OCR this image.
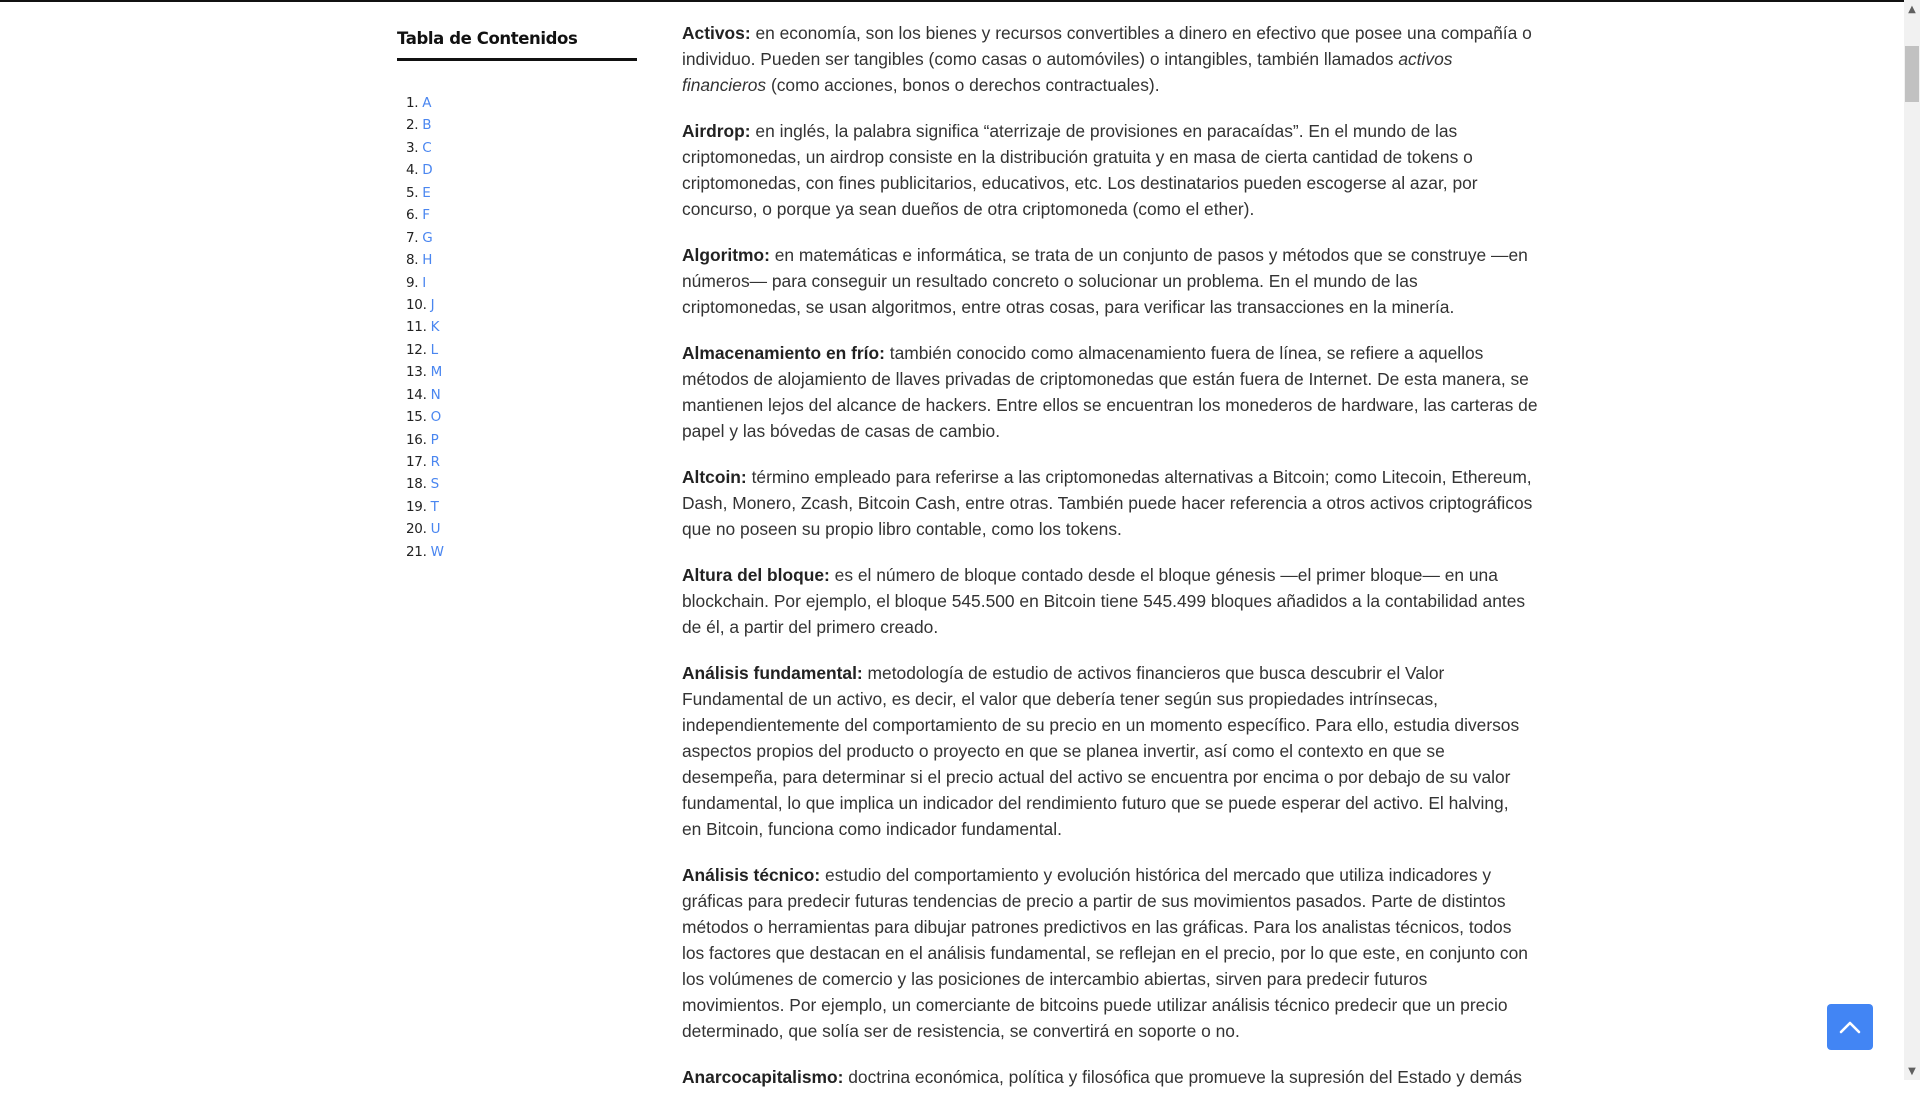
Tabla de Contenidos
1. A
2. B
3. C
4. D
5. E
6. F
7. G
8. H
9. I
10. J
11. K
12. L
13. M
14. N
15. O
16. P
17. R
18. S
19. T
20. U
21. W

Activos: en economía, son los bienes y recursos convertibles a dinero en efectivo que posee una compañía o
individuo. Pueden ser tangibles (como casas o automóviles) o intangibles, también llamados activos
financieros (como acciones, bonos o derechos contractuales).

Airdrop: en inglés, la palabra significa “aterrizaje de provisiones en paracaídas”. En el mundo de las
criptomonedas, un airdrop consiste en la distribución gratuita y en masa de cierta cantidad de tokens o
criptomonedas, con fines publicitarios, educativos, etc. Los destinatarios pueden escogerse al azar, por
concurso, o porque ya sean dueños de otra criptomoneda (como el ether).

Algoritmo: en matemáticas e informática, se trata de un conjunto de pasos y métodos que se construye —en
números— para conseguir un resultado concreto o solucionar un problema. En el mundo de las
criptomonedas, se usan algoritmos, entre otras cosas, para verificar las transacciones en la minería.

Almacenamiento en frío: también conocido como almacenamiento fuera de línea, se refiere a aquellos
métodos de alojamiento de llaves privadas de criptomonedas que están fuera de Internet. De esta manera, se
mantienen lejos del alcance de hackers. Entre ellos se encuentran los monederos de hardware, las carteras de
papel y las bóvedas de casas de cambio.

Altcoin: término empleado para referirse a las criptomonedas alternativas a Bitcoin; como Litecoin, Ethereum,
Dash, Monero, Zcash, Bitcoin Cash, entre otras. También puede hacer referencia a otros activos criptográficos
que no poseen su propio libro contable, como los tokens.

Altura del bloque: es el número de bloque contado desde el bloque génesis —el primer bloque— en una
blockchain. Por ejemplo, el bloque 545.500 en Bitcoin tiene 545.499 bloques añadidos a la contabilidad antes
de él, a partir del primero creado.

Análisis fundamental: metodología de estudio de activos financieros que busca descubrir el Valor
Fundamental de un activo, es decir, el valor que debería tener según sus propiedades intrínsecas,
independientemente del comportamiento de su precio en un momento específico. Para ello, estudia diversos
aspectos propios del producto o proyecto en que se planea invertir, así como el contexto en que se
desempeña, para determinar si el precio actual del activo se encuentra por encima o por debajo de su valor
fundamental, lo que implica un indicador del rendimiento futuro que se puede esperar del activo. El halving,
en Bitcoin, funciona como indicador fundamental.

Análisis técnico: estudio del comportamiento y evolución histórica del mercado que utiliza indicadores y
gráficas para predecir futuras tendencias de precio a partir de sus movimientos pasados. Parte de distintos
métodos o herramientas para dibujar patrones predictivos en las gráficas. Para los analistas técnicos, todos
los factores que destacan en el análisis fundamental, se reflejan en el precio, por lo que este, en conjunto con
los volúmenes de comercio y las posiciones de intercambio abiertas, sirven para predecir futuros
movimientos. Por ejemplo, un comerciante de bitcoins puede utilizar análisis técnico predecir que un precio
determinado, que solía ser de resistencia, se convertirá en soporte o no.

Anarcocapitalismo: doctrina económica, política y filosófica que promueve la supresión del Estado y demás

▲
▼
